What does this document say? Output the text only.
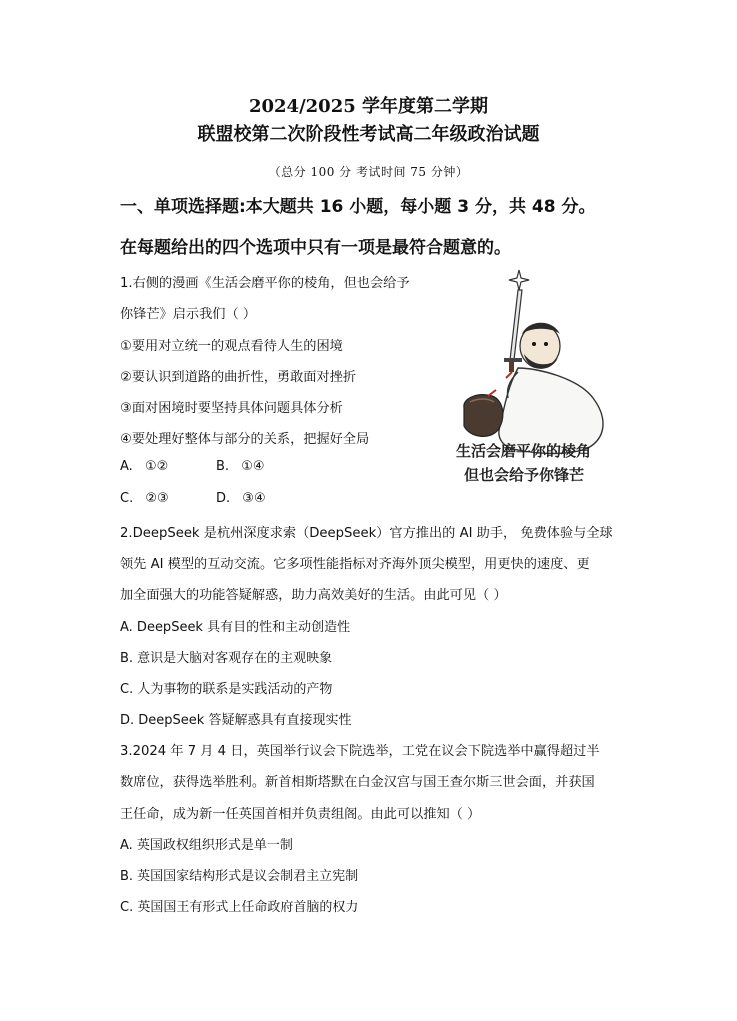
2024/2025 学年度第二学期
联盟校第二次阶段性考试高二年级政治试题
（总分 100 分 考试时间 75 分钟）
一、单项选择题:本大题共 16 小题，每小题 3 分，共 48 分。
在每题给出的四个选项中只有一项是最符合题意的。
1.右侧的漫画《生活会磨平你的棱角，但也会给予
你锋芒》启示我们（ ）
①要用对立统一的观点看待人生的困境
②要认识到道路的曲折性，勇敢面对挫折
③面对困境时要坚持具体问题具体分析
④要处理好整体与部分的关系，把握好全局
A. ①②	B. ①④
C. ②③	D. ③④
生活会磨平你的棱角
但也会给予你锋芒
2.DeepSeek 是杭州深度求索（DeepSeek）官方推出的 AI 助手， 免费体验与全球
领先 AI 模型的互动交流。它多项性能指标对齐海外顶尖模型，用更快的速度、更
加全面强大的功能答疑解惑，助力高效美好的生活。由此可见（ ）
A. DeepSeek 具有目的性和主动创造性
B. 意识是大脑对客观存在的主观映象
C. 人为事物的联系是实践活动的产物
D. DeepSeek 答疑解惑具有直接现实性
3.2024 年 7 月 4 日，英国举行议会下院选举，工党在议会下院选举中赢得超过半
数席位，获得选举胜利。新首相斯塔默在白金汉宫与国王查尔斯三世会面，并获国
王任命，成为新一任英国首相并负责组阁。由此可以推知（ ）
A. 英国政权组织形式是单一制
B. 英国国家结构形式是议会制君主立宪制
C. 英国国王有形式上任命政府首脑的权力
